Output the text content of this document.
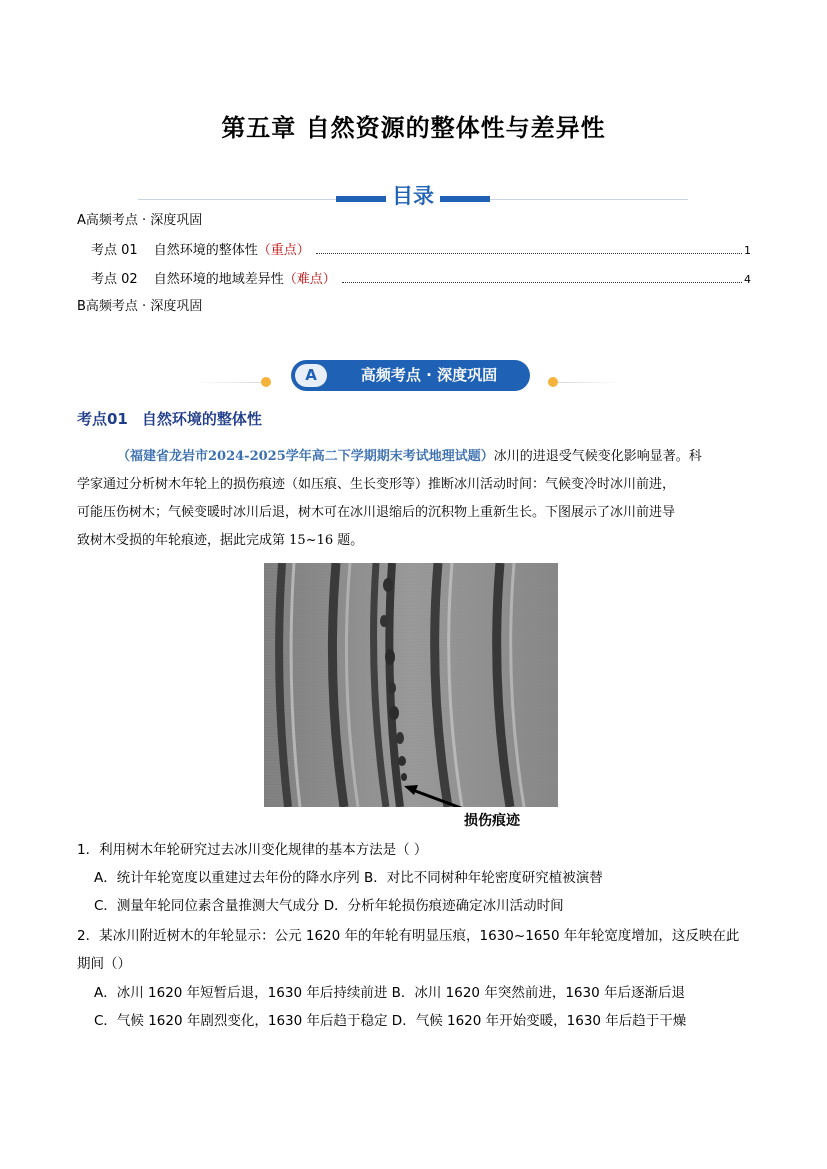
第五章 自然资源的整体性与差异性
目录
A高频考点 · 深度巩固
考点 01 自然环境的整体性 （重点）	1
考点 02 自然环境的地域差异性 （难点）	4
B高频考点 · 深度巩固
A	高频考点 · 深度巩固
考点01 自然环境的整体性
（福建省龙岩市2024-2025学年高二下学期期末考试地理试题）冰川的进退受气候变化影响显著。科
学家通过分析树木年轮上的损伤痕迹（如压痕、生长变形等）推断冰川活动时间：气候变冷时冰川前进，
可能压伤树木；气候变暖时冰川后退，树木可在冰川退缩后的沉积物上重新生长。下图展示了冰川前进导
致树木受损的年轮痕迹，据此完成第 15~16 题。
损伤痕迹
1．利用树木年轮研究过去冰川变化规律的基本方法是（ ）
A．统计年轮宽度以重建过去年份的降水序列 B．对比不同树种年轮密度研究植被演替
C．测量年轮同位素含量推测大气成分 D．分析年轮损伤痕迹确定冰川活动时间
2．某冰川附近树木的年轮显示：公元 1620 年的年轮有明显压痕，1630~1650 年年轮宽度增加，这反映在此
期间（）
A．冰川 1620 年短暂后退，1630 年后持续前进 B．冰川 1620 年突然前进，1630 年后逐渐后退
C．气候 1620 年剧烈变化，1630 年后趋于稳定 D．气候 1620 年开始变暖，1630 年后趋于干燥
